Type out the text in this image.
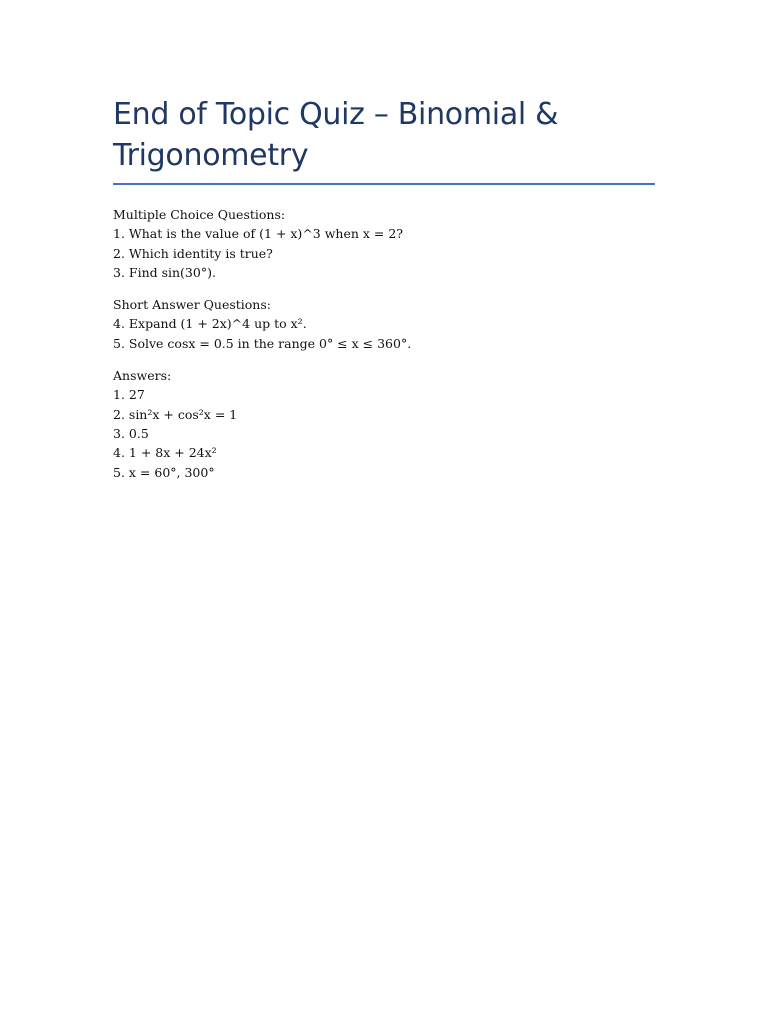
End of Topic Quiz – Binomial &
Trigonometry

Multiple Choice Questions:

1. What is the value of (1 + x)^3 when x = 2?

2. Which identity is true?

3. Find sin(30°).

Short Answer Questions:

4. Expand (1 + 2x)^4 up to x².

5. Solve cosx = 0.5 in the range 0° ≤ x ≤ 360°.

Answers:

1. 27

2. sin²x + cos²x = 1

3. 0.5

4. 1 + 8x + 24x²

5. x = 60°, 300°
